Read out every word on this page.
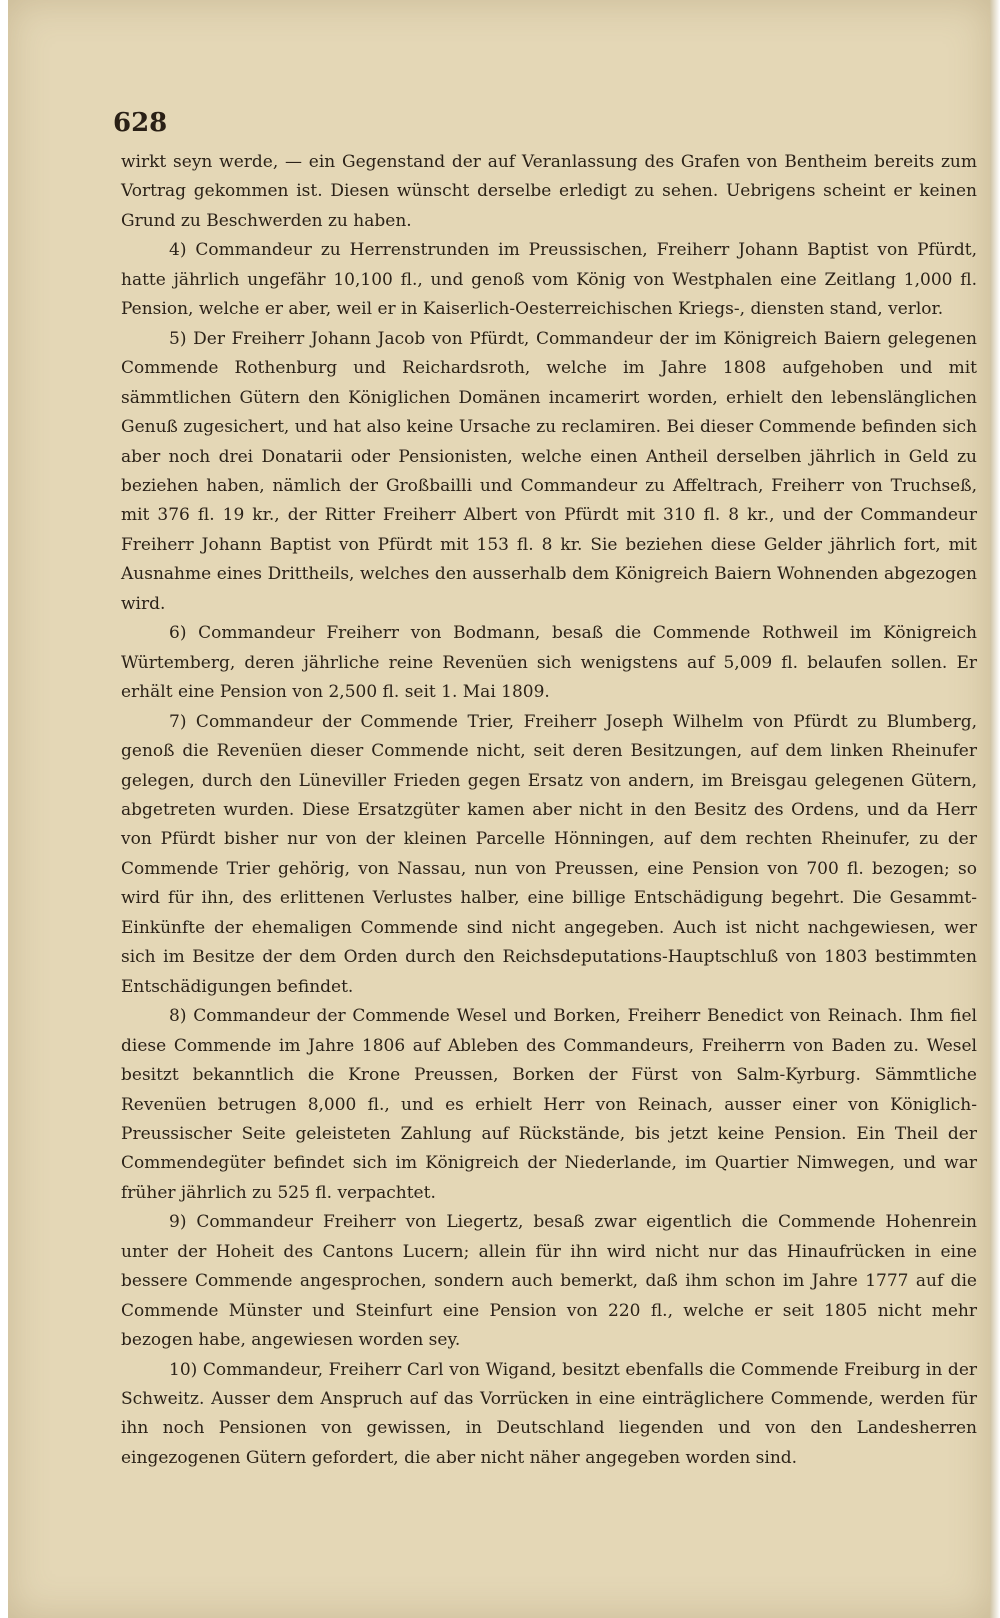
628

wirkt seyn werde, — ein Gegenstand der auf Veranlassung des Grafen von Bentheim bereits zum Vortrag gekommen ist. Diesen wünscht derselbe erledigt zu sehen. Uebrigens scheint er keinen Grund zu Beschwerden zu haben.

4) Commandeur zu Herrenstrunden im Preussischen, Freiherr Johann Baptist von Pfürdt, hatte jährlich ungefähr 10,100 fl., und genoß vom König von Westphalen eine Zeitlang 1,000 fl. Pension, welche er aber, weil er in Kaiserlich-Oesterreichischen Kriegs-, diensten stand, verlor.

5) Der Freiherr Johann Jacob von Pfürdt, Commandeur der im Königreich Baiern gelegenen Commende Rothenburg und Reichardsroth, welche im Jahre 1808 aufgehoben und mit sämmtlichen Gütern den Königlichen Domänen incamerirt worden, erhielt den lebenslänglichen Genuß zugesichert, und hat also keine Ursache zu reclamiren. Bei dieser Commende befinden sich aber noch drei Donatarii oder Pensionisten, welche einen Antheil derselben jährlich in Geld zu beziehen haben, nämlich der Großbailli und Commandeur zu Affeltrach, Freiherr von Truchseß, mit 376 fl. 19 kr., der Ritter Freiherr Albert von Pfürdt mit 310 fl. 8 kr., und der Commandeur Freiherr Johann Baptist von Pfürdt mit 153 fl. 8 kr. Sie beziehen diese Gelder jährlich fort, mit Ausnahme eines Drittheils, welches den ausserhalb dem Königreich Baiern Wohnenden abgezogen wird.

6) Commandeur Freiherr von Bodmann, besaß die Commende Rothweil im Königreich Würtemberg, deren jährliche reine Revenüen sich wenigstens auf 5,009 fl. belaufen sollen. Er erhält eine Pension von 2,500 fl. seit 1. Mai 1809.

7) Commandeur der Commende Trier, Freiherr Joseph Wilhelm von Pfürdt zu Blumberg, genoß die Revenüen dieser Commende nicht, seit deren Besitzungen, auf dem linken Rheinufer gelegen, durch den Lüneviller Frieden gegen Ersatz von andern, im Breisgau gelegenen Gütern, abgetreten wurden. Diese Ersatzgüter kamen aber nicht in den Besitz des Ordens, und da Herr von Pfürdt bisher nur von der kleinen Parcelle Hönningen, auf dem rechten Rheinufer, zu der Commende Trier gehörig, von Nassau, nun von Preussen, eine Pension von 700 fl. bezogen; so wird für ihn, des erlittenen Verlustes halber, eine billige Entschädigung begehrt. Die Gesammt-Einkünfte der ehemaligen Commende sind nicht angegeben. Auch ist nicht nachgewiesen, wer sich im Besitze der dem Orden durch den Reichsdeputations-Hauptschluß von 1803 bestimmten Entschädigungen befindet.

8) Commandeur der Commende Wesel und Borken, Freiherr Benedict von Reinach. Ihm fiel diese Commende im Jahre 1806 auf Ableben des Commandeurs, Freiherrn von Baden zu. Wesel besitzt bekanntlich die Krone Preussen, Borken der Fürst von Salm-Kyrburg. Sämmtliche Revenüen betrugen 8,000 fl., und es erhielt Herr von Reinach, ausser einer von Königlich-Preussischer Seite geleisteten Zahlung auf Rückstände, bis jetzt keine Pension. Ein Theil der Commendegüter befindet sich im Königreich der Niederlande, im Quartier Nimwegen, und war früher jährlich zu 525 fl. verpachtet.

9) Commandeur Freiherr von Liegertz, besaß zwar eigentlich die Commende Hohenrein unter der Hoheit des Cantons Lucern; allein für ihn wird nicht nur das Hinaufrücken in eine bessere Commende angesprochen, sondern auch bemerkt, daß ihm schon im Jahre 1777 auf die Commende Münster und Steinfurt eine Pension von 220 fl., welche er seit 1805 nicht mehr bezogen habe, angewiesen worden sey.

10) Commandeur, Freiherr Carl von Wigand, besitzt ebenfalls die Commende Freiburg in der Schweitz. Ausser dem Anspruch auf das Vorrücken in eine einträglichere Commende, werden für ihn noch Pensionen von gewissen, in Deutschland liegenden und von den Landesherren eingezogenen Gütern gefordert, die aber nicht näher angegeben worden sind.
